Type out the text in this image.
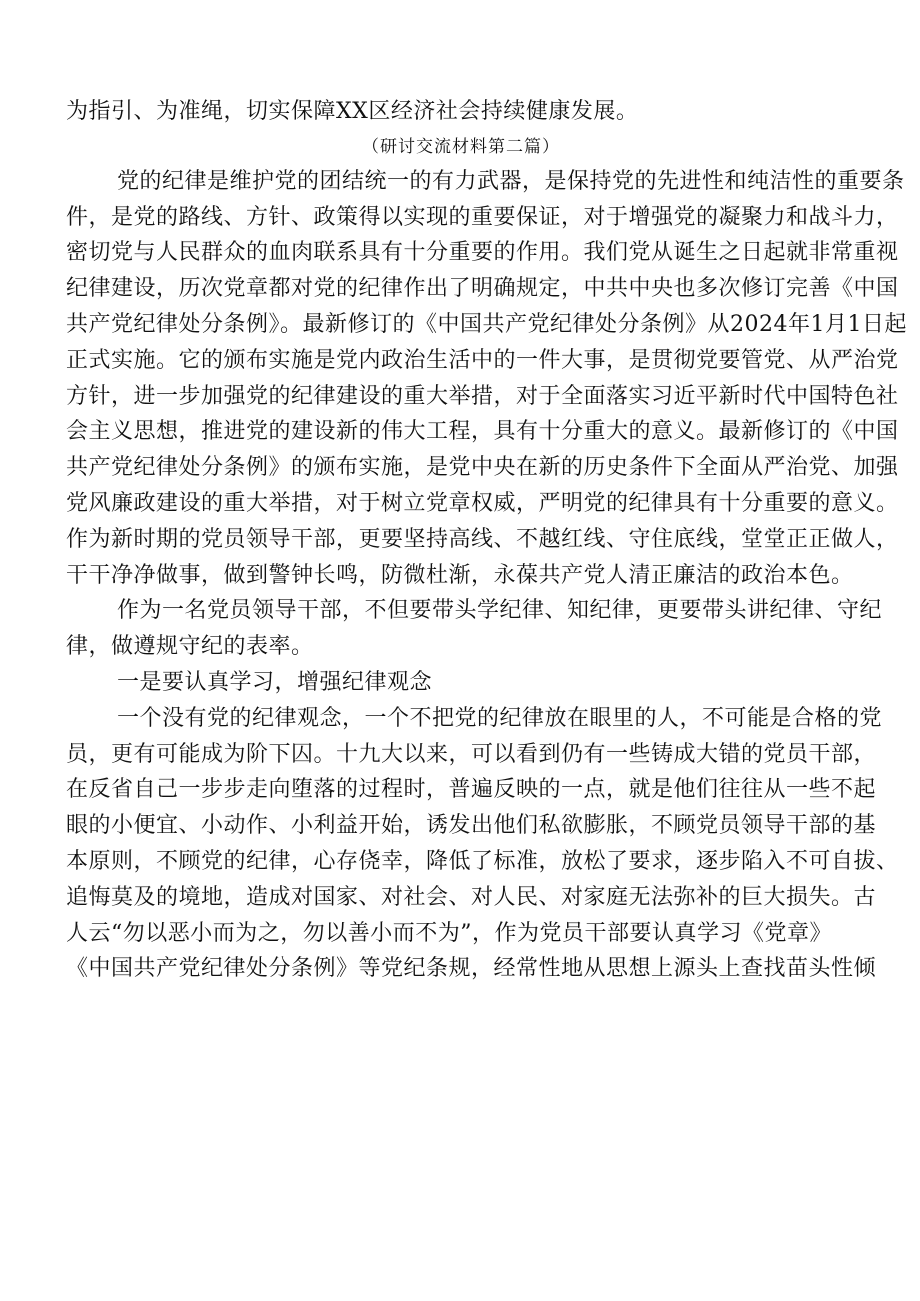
为指引、为准绳，切实保障XX区经济社会持续健康发展。
（研讨交流材料第二篇）
党的纪律是维护党的团结统一的有力武器，是保持党的先进性和纯洁性的重要条
件，是党的路线、方针、政策得以实现的重要保证，对于增强党的凝聚力和战斗力，
密切党与人民群众的血肉联系具有十分重要的作用。我们党从诞生之日起就非常重视
纪律建设，历次党章都对党的纪律作出了明确规定，中共中央也多次修订完善《中国
共产党纪律处分条例》。最新修订的《中国共产党纪律处分条例》从2024年1月1日起
正式实施。它的颁布实施是党内政治生活中的一件大事，是贯彻党要管党、从严治党
方针，进一步加强党的纪律建设的重大举措，对于全面落实习近平新时代中国特色社
会主义思想，推进党的建设新的伟大工程，具有十分重大的意义。最新修订的《中国
共产党纪律处分条例》的颁布实施，是党中央在新的历史条件下全面从严治党、加强
党风廉政建设的重大举措，对于树立党章权威，严明党的纪律具有十分重要的意义。
作为新时期的党员领导干部，更要坚持高线、不越红线、守住底线，堂堂正正做人，
干干净净做事，做到警钟长鸣，防微杜渐，永葆共产党人清正廉洁的政治本色。
作为一名党员领导干部，不但要带头学纪律、知纪律，更要带头讲纪律、守纪
律，做遵规守纪的表率。
一是要认真学习，增强纪律观念
一个没有党的纪律观念，一个不把党的纪律放在眼里的人，不可能是合格的党
员，更有可能成为阶下囚。十九大以来，可以看到仍有一些铸成大错的党员干部，
在反省自己一步步走向堕落的过程时，普遍反映的一点，就是他们往往从一些不起
眼的小便宜、小动作、小利益开始，诱发出他们私欲膨胀，不顾党员领导干部的基
本原则，不顾党的纪律，心存侥幸，降低了标准，放松了要求，逐步陷入不可自拔、
追悔莫及的境地，造成对国家、对社会、对人民、对家庭无法弥补的巨大损失。古
人云“勿以恶小而为之，勿以善小而不为”，作为党员干部要认真学习《党章》
《中国共产党纪律处分条例》等党纪条规，经常性地从思想上源头上查找苗头性倾
